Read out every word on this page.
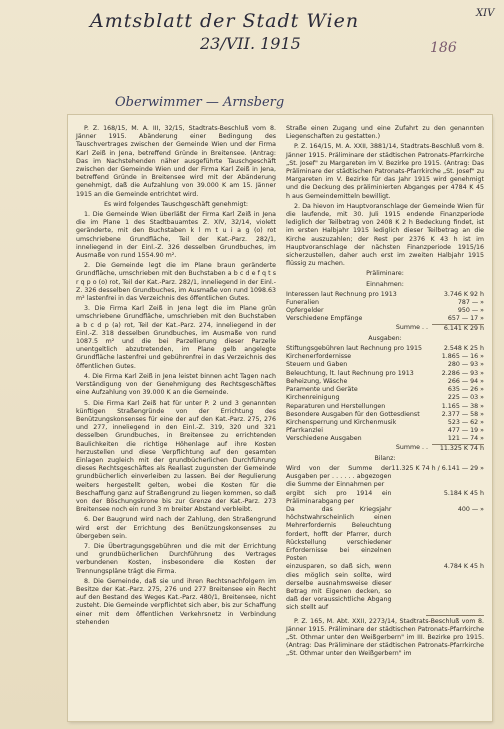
Amtsblatt der Stadt Wien
23/VII. 1915
XIV
186
Oberwimmer — Arnsberg

P. Z. 168/15, M. A. III, 32/15, Stadtrats-Beschluß vom 8. Jänner 1915. Abänderung einer Bedingung des Tauschvertrages zwischen der Gemeinde Wien und der Firma Karl Zeiß in Jena, betreffend Gründe in Breitensee. (Antrag: Das im Nachstehenden näher ausgeführte Tauschgeschäft zwischen der Gemeinde Wien und der Firma Karl Zeiß in Jena, betreffend Gründe in Breitensee wird mit der Abänderung genehmigt, daß die Aufzahlung von 39.000 K am 15. Jänner 1915 an die Gemeinde entrichtet wird.

Es wird folgendes Tauschgeschäft genehmigt:

1. Die Gemeinde Wien überläßt der Firma Karl Zeiß in Jena die im Plane 1 des Stadtbauamtes Z. XIV, 32/14, violett geränderte, mit den Buchstaben k l m t u i a g (o) rot umschriebene Grundfläche, Teil der Kat.-Parz. 282/1, inneliegend in der Einl.-Z. 326 desselben Grundbuches, im Ausmaße von rund 1554.90 m².

2. Die Gemeinde legt die im Plane braun geränderte Grundfläche, umschrieben mit den Buchstaben a b c d e f q t s r q p o (o) rot, Teil der Kat.-Parz. 282/1, inneliegend in der Einl.-Z. 326 desselben Grundbuches, im Ausmaße von rund 1098.63 m² lastenfrei in das Verzeichnis des öffentlichen Gutes.

3. Die Firma Karl Zeiß in Jena legt die im Plane grün umschriebene Grundfläche, umschrieben mit den Buchstaben a b c d p (a) rot, Teil der Kat.-Parz. 274, inneliegend in der Einl.-Z. 318 desselben Grundbuches, im Ausmaße von rund 1087.5 m² und die bei Parzellierung dieser Parzelle unentgeltlich abzutretenden, im Plane gelb angelegte Grundfläche lastenfrei und gebührenfrei in das Verzeichnis des öffentlichen Gutes.

4. Die Firma Karl Zeiß in Jena leistet binnen acht Tagen nach Verständigung von der Genehmigung des Rechtsgeschäftes eine Aufzahlung von 39.000 K an die Gemeinde.

5. Die Firma Karl Zeiß hat für unter P. 2 und 3 genannten künftigen Straßengründe von der Errichtung des Benützungskonsenses für eine der auf den Kat.-Parz. 275, 276 und 277, inneliegend in den Einl.-Z. 319, 320 und 321 desselben Grundbuches, in Breitensee zu errichtenden Baulichkeiten die richtige Höhenlage auf ihre Kosten herzustellen und diese Verpflichtung auf den gesamten Einlagen zugleich mit der grundbücherlichen Durchführung dieses Rechtsgeschäftes als Reallast zugunsten der Gemeinde grundbücherlich einverleiben zu lassen. Bei der Regulierung weiters hergestellt gelten, wobei die Kosten für die Beschaffung ganz auf Straßengrund zu liegen kommen, so daß von der Böschungskrone bis zur Grenze der Kat.-Parz. 273 Breitensee noch ein rund 3 m breiter Abstand verbleibt.

6. Der Baugrund wird nach der Zahlung, den Straßengrund wird erst der Errichtung des Benützungskonsenses zu übergeben sein.

7. Die Übertragungsgebühren und die mit der Errichtung und grundbücherlichen Durchführung des Vertrages verbundenen Kosten, insbesondere die Kosten der Trennungspläne trägt die Firma.

8. Die Gemeinde, daß sie und ihren Rechtsnachfolgern im Besitze der Kat.-Parz. 275, 276 und 277 Breitensee ein Recht auf den Bestand des Weges Kat.-Parz. 480/1, Breitensee, nicht zusteht. Die Gemeinde verpflichtet sich aber, bis zur Schaffung einer mit dem öffentlichen Verkehrsnetz in Verbindung stehenden

Straße einen Zugang und eine Zufahrt zu den genannten Liegenschaften zu gestatten.)

P. Z. 164/15, M. A. XXII, 3881/14, Stadtrats-Beschluß vom 8. Jänner 1915. Präliminare der städtischen Patronats-Pfarrkirche „St. Josef" zu Margareten im V. Bezirke pro 1915. (Antrag: Das Präliminare der städtischen Patronats-Pfarrkirche „St. Josef" zu Margareten im V. Bezirke für das Jahr 1915 wird genehmigt und die Deckung des präliminierten Abganges per 4784 K 45 h aus Gemeindemitteln bewilligt.

2. Da hievon im Hauptvoranschlage der Gemeinde Wien für die laufende, mit 30. Juli 1915 endende Finanzperiode lediglich der Teilbetrag von 2408 K 2 h Bedeckung findet, ist im ersten Halbjahr 1915 lediglich dieser Teilbetrag an die Kirche auszuzahlen; der Rest per 2376 K 43 h ist im Hauptvoranschlage der nächsten Finanzperiode 1915/16 sicherzustellen, daher auch erst im zweiten Halbjahr 1915 flüssig zu machen.

Präliminare:
Einnahmen:
Interessen laut Rechnung pro 1913	3.746 K 92 h
Funeralien	787 — »
Opfergelder	950 — »
Verschiedene Empfänge	657 — 17 »
Summe . .	6.141 K 29 h
Ausgaben:
Stiftungsgebühren laut Rechnung pro 1915	2.548 K 25 h
Kirchenerfordernisse	1.865 — 16 »
Steuern und Gaben	280 — 93 »
Beleuchtung, lt. laut Rechnung pro 1913	2.286 — 93 »
Beheizung, Wäsche	266 — 94 »
Paramente und Geräte	635 — 26 »
Kirchenreinigung	225 — 03 »
Reparaturen und Herstellungen	1.165 — 38 »
Besondere Ausgaben für den Gottesdienst	2.377 — 58 »
Kirchensperrung und Kirchenmusik	523 — 62 »
Pfarrkanzlei	477 — 19 »
Verschiedene Ausgaben	121 — 74 »
Summe . .	11.325 K 74 h
Bilanz:
Wird von der Summe der Ausgaben per . . . . . . abgezogen die Summe der Einnahmen per	11.325 K 74 h / 6.141 — 29 »
ergibt sich pro 1914 ein Präliminarabgang per	5.184 K 45 h
Da das Kriegsjahr höchstwahrscheinlich einen Mehrerfordernis Beleuchtung fordert, hofft der Pfarrer, durch Rückstellung verschiedener Erfordernisse bei einzelnen Posten	400 — »
einzusparen, so daß sich, wenn dies möglich sein sollte, wird derselbe ausnahmsweise dieser Betrag mit Eigenen decken, so daß der voraussichtliche Abgang sich stellt auf	4.784 K 45 h

P. Z. 165, M. Abt. XXII, 2273/14, Stadtrats-Beschluß vom 8. Jänner 1915. Präliminare der städtischen Patronats-Pfarrkirche „St. Othmar unter den Weißgerbern" im III. Bezirke pro 1915. (Antrag: Das Präliminare der städtischen Patronats-Pfarrkirche „St. Othmar unter den Weißgerbern" im
